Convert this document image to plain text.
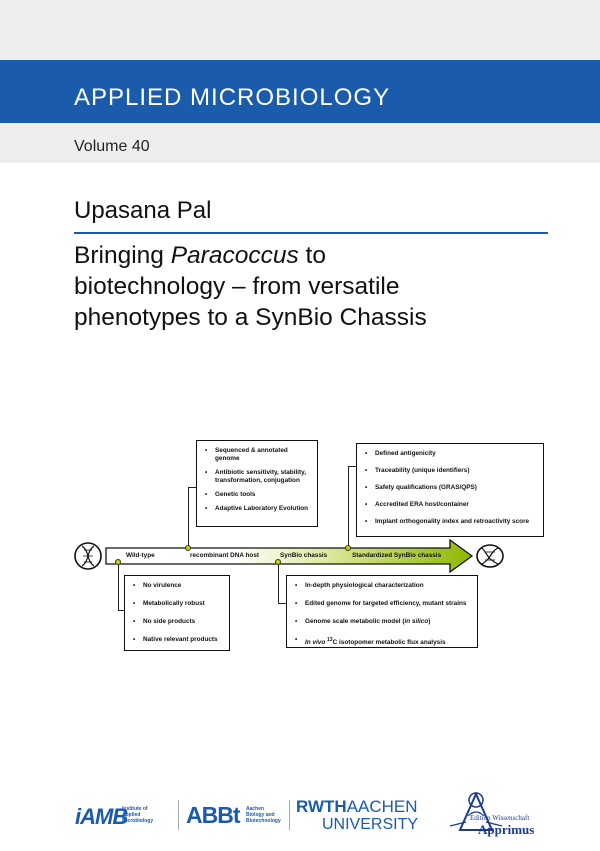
APPLIED MICROBIOLOGY
Volume 40
Upasana Pal
Bringing Paracoccus to
biotechnology – from versatile
phenotypes to a SynBio Chassis
Wild-type	recombinant DNA host	SynBio chassis	Standardized SynBio chassis
• Sequenced & annotated genome
• Antibiotic sensitivity, stability, transformation, conjugation
• Genetic tools
• Adaptive Laboratory Evolution
• Defined antigenicity
• Traceability (unique identifiers)
• Safety qualifications (GRAS/QPS)
• Accredited ERA host/container
• Implant orthogonality index and retroactivity score
• No virulence
• Metabolically robust
• No side products
• Native relevant products
• In-depth physiological characterization
• Edited genome for targeted efficiency, mutant strains
• Genome scale metabolic model (in silico)
• In vivo $^{13}$C isotopomer metabolic flux analysis
iAMB
Institute of
Applied
Microbiology ABBt Aachen
Biology and
Biotechnology
RWTHAACHEN
UNIVERSITY	Edition Wissenschaft
Apprimus
